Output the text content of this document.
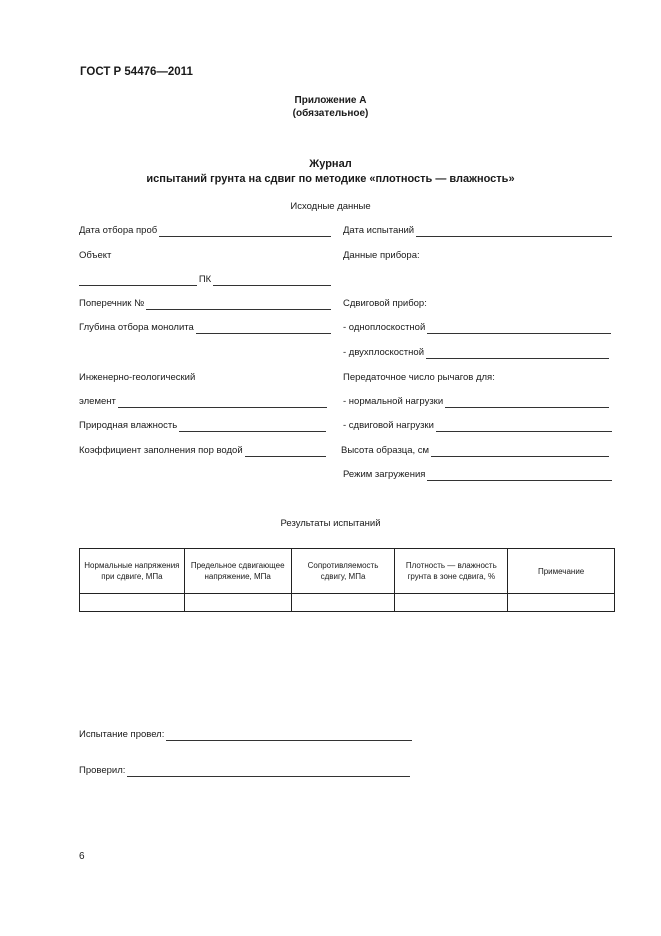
ГОСТ Р 54476—2011
Приложение А
(обязательное)
Журнал
испытаний грунта на сдвиг по методике «плотность — влажность»
Исходные данные
Дата отбора проб
Объект
ПК
Поперечник №
Глубина отбора монолита
Инженерно-геологический
элемент
Природная влажность
Коэффициент заполнения пор водой
Дата испытаний
Данные прибора:
Сдвиговой прибор:
- одноплоскостной
- двухплоскостной
Передаточное число рычагов для:
- нормальной нагрузки
- сдвиговой нагрузки
Высота образца, см
Режим загружения
Результаты испытаний
Нормальные напряжения при сдвиге, МПа	Предельное сдвигающее напряжение, МПа	Сопротивляемость сдвигу, МПа	Плотность — влажность грунта в зоне сдвига, %	Примечание

Испытание провел:
Проверил:
6
